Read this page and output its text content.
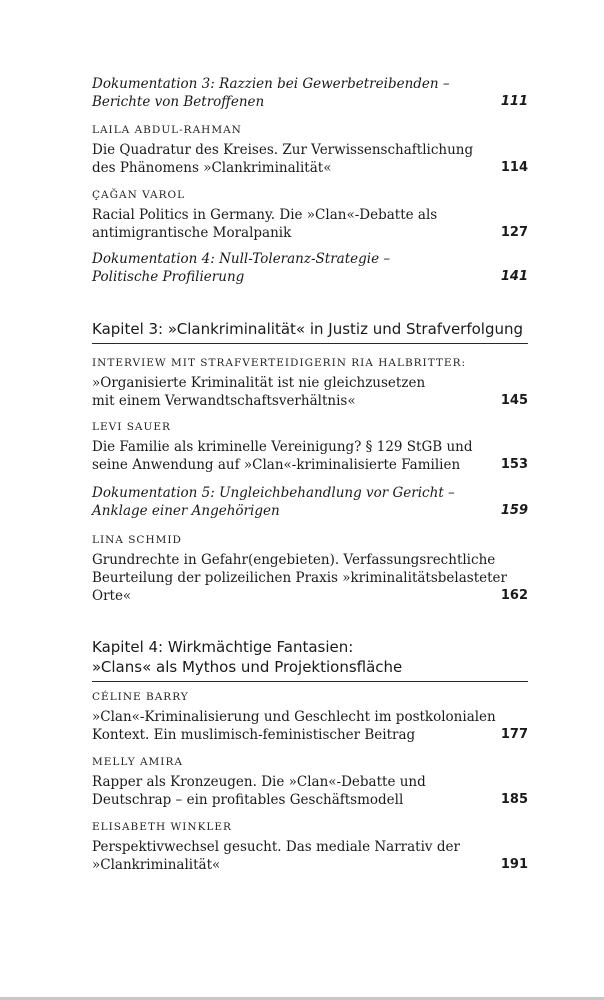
Dokumentation 3: Razzien bei Gewerbetreibenden –
Berichte von Betroffenen	111
LAILA ABDUL-RAHMAN
Die Quadratur des Kreises. Zur Verwissenschaftlichung
des Phänomens »Clankriminalität«	114
ÇAĞAN VAROL
Racial Politics in Germany. Die »Clan«-Debatte als
antimigrantische Moralpanik	127
Dokumentation 4: Null-Toleranz-Strategie –
Politische Profilierung	141
Kapitel 3: »Clankriminalität« in Justiz und Strafverfolgung
INTERVIEW MIT STRAFVERTEIDIGERIN RIA HALBRITTER:
»Organisierte Kriminalität ist nie gleichzusetzen
mit einem Verwandtschaftsverhältnis«	145
LEVI SAUER
Die Familie als kriminelle Vereinigung? § 129 StGB und
seine Anwendung auf »Clan«-kriminalisierte Familien	153
Dokumentation 5: Ungleichbehandlung vor Gericht –
Anklage einer Angehörigen	159
LINA SCHMID
Grundrechte in Gefahr(engebieten). Verfassungsrechtliche
Beurteilung der polizeilichen Praxis »kriminalitätsbelasteter
Orte«	162
Kapitel 4: Wirkmächtige Fantasien:
»Clans« als Mythos und Projektionsfläche
CÉLINE BARRY
»Clan«-Kriminalisierung und Geschlecht im postkolonialen
Kontext. Ein muslimisch-feministischer Beitrag	177
MELLY AMIRA
Rapper als Kronzeugen. Die »Clan«-Debatte und
Deutschrap – ein profitables Geschäftsmodell	185
ELISABETH WINKLER
Perspektivwechsel gesucht. Das mediale Narrativ der
»Clankriminalität«	191
